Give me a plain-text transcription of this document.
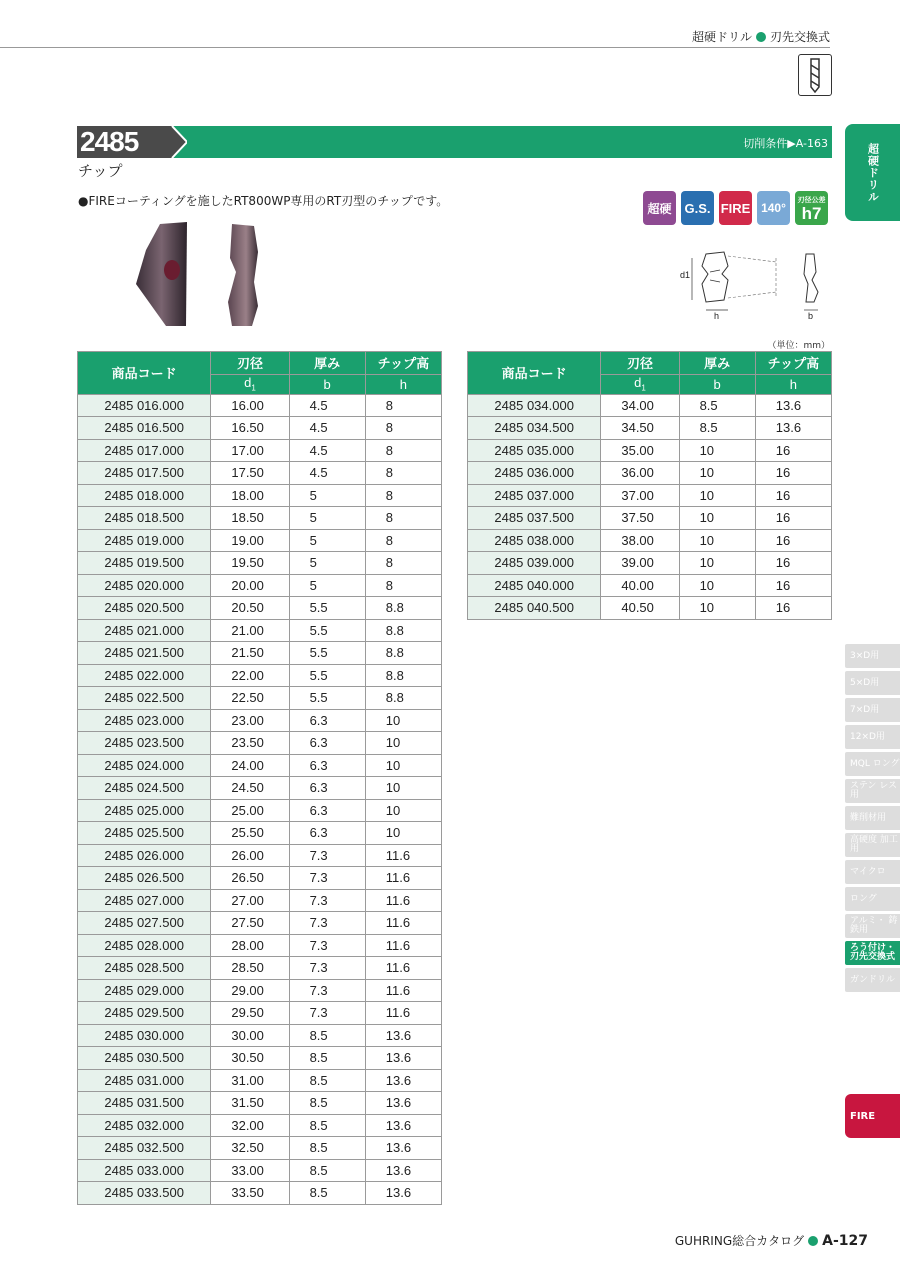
超硬ドリル 刃先交換式
2485	切削条件▶A-163
チップ
●FIREコーティングを施したRT800WP専用のRT刃型のチップです。
超硬 G.S. FIRE 140°
刃径公差
h7
d1
h	b
（単位：mm）
商品コード	刃径	厚み	チップ高
	$d_1$	b	h
2485 016.000	16.00	4.5	8
2485 016.500	16.50	4.5	8
2485 017.000	17.00	4.5	8
2485 017.500	17.50	4.5	8
2485 018.000	18.00	5	8
2485 018.500	18.50	5	8
2485 019.000	19.00	5	8
2485 019.500	19.50	5	8
2485 020.000	20.00	5	8
2485 020.500	20.50	5.5	8.8
2485 021.000	21.00	5.5	8.8
2485 021.500	21.50	5.5	8.8
2485 022.000	22.00	5.5	8.8
2485 022.500	22.50	5.5	8.8
2485 023.000	23.00	6.3	10
2485 023.500	23.50	6.3	10
2485 024.000	24.00	6.3	10
2485 024.500	24.50	6.3	10
2485 025.000	25.00	6.3	10
2485 025.500	25.50	6.3	10
2485 026.000	26.00	7.3	11.6
2485 026.500	26.50	7.3	11.6
2485 027.000	27.00	7.3	11.6
2485 027.500	27.50	7.3	11.6
2485 028.000	28.00	7.3	11.6
2485 028.500	28.50	7.3	11.6
2485 029.000	29.00	7.3	11.6
2485 029.500	29.50	7.3	11.6
2485 030.000	30.00	8.5	13.6
2485 030.500	30.50	8.5	13.6
2485 031.000	31.00	8.5	13.6
2485 031.500	31.50	8.5	13.6
2485 032.000	32.00	8.5	13.6
2485 032.500	32.50	8.5	13.6
2485 033.000	33.00	8.5	13.6
2485 033.500	33.50	8.5	13.6
商品コード	刃径	厚み	チップ高
	$d_1$	b	h
2485 034.000	34.00	8.5	13.6
2485 034.500	34.50	8.5	13.6
2485 035.000	35.00	10	16
2485 036.000	36.00	10	16
2485 037.000	37.00	10	16
2485 037.500	37.50	10	16
2485 038.000	38.00	10	16
2485 039.000	39.00	10	16
2485 040.000	40.00	10	16
2485 040.500	40.50	10	16
超硬ドリル
3×D用
5×D用
7×D用
12×D用
MQL ロング
ステン レス用
難削材用
高硬度 加工用
マイクロ
ロング
アルミ・ 鋳鉄用
ろう付け・ 刃先交換式
ガンドリル
FIRE
GUHRING総合カタログ A-127
